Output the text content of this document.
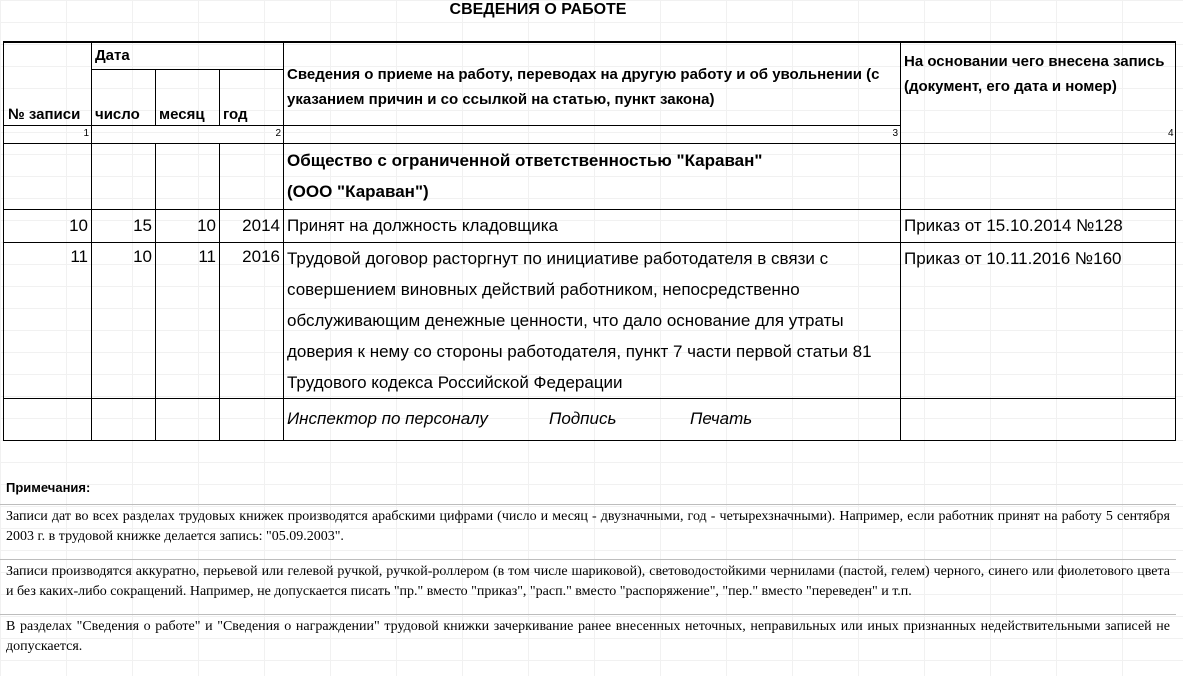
СВЕДЕНИЯ О РАБОТЕ
№ записи	Дата			Сведения о приеме на работу, переводах на другую работу и об увольнении (с указанием причин и со ссылкой на статью, пункт закона)	На основании чего внесена запись (документ, его дата и номер)
	число	месяц	год		
1	2			3	

				Общество с ограниченной ответственностью "Караван"
(ООО "Караван")	

10	15	10	2014	Принят на должность кладовщика	Приказ от 15.10.2014 №128
11	10	11	2016	Трудовой договор расторгнут по инициативе работодателя в связи с совершением виновных действий работником, непосредственно обслуживающим денежные ценности, что дало основание для утраты доверия к нему со стороны работодателя, пункт 7 части первой статьи 81 Трудового кодекса Российской Федерации	Приказ от 10.11.2016 №160
				Инспектор по персоналу Подпись Печать	
4
Примечания:
Записи дат во всех разделах трудовых книжек производятся арабскими цифрами (число и месяц - двузначными, год - четырехзначными). Например, если работник принят на работу 5 сентября 2003 г. в трудовой книжке делается запись: "05.09.2003".
Записи производятся аккуратно, перьевой или гелевой ручкой, ручкой-роллером (в том числе шариковой), световодостойкими чернилами (пастой, гелем) черного, синего или фиолетового цвета и без каких-либо сокращений. Например, не допускается писать "пр." вместо "приказ", "расп." вместо "распоряжение", "пер." вместо "переведен" и т.п.
В разделах "Сведения о работе" и "Сведения о награждении" трудовой книжки зачеркивание ранее внесенных неточных, неправильных или иных признанных недействительными записей не допускается.
